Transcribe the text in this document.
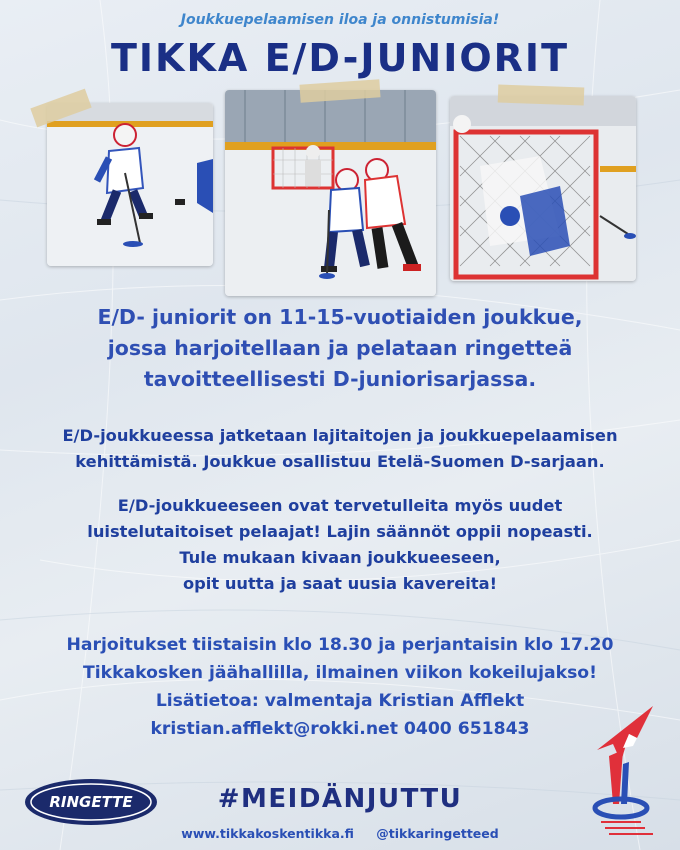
Joukkuepelaamisen iloa ja onnistumisia!
TIKKA E/D-JUNIORIT
E/D- juniorit on 11-15-vuotiaiden joukkue,
jossa harjoitellaan ja pelataan ringetteä
tavoitteellisesti D-juniorisarjassa.
E/D-joukkueessa jatketaan lajitaitojen ja joukkuepelaamisen
kehittämistä. Joukkue osallistuu Etelä-Suomen D-sarjaan.
E/D-joukkueeseen ovat tervetulleita myös uudet
luistelutaitoiset pelaajat! Lajin säännöt oppii nopeasti.
Tule mukaan kivaan joukkueeseen,
opit uutta ja saat uusia kavereita!
Harjoitukset tiistaisin klo 18.30 ja perjantaisin klo 17.20
Tikkakosken jäähallilla, ilmainen viikon kokeilujakso!
Lisätietoa: valmentaja Kristian Afflekt
kristian.afflekt@rokki.net 0400 651843
RINGETTE	#MEIDÄNJUTTU
www.tikkakoskentikka.fi @tikkaringetteed
